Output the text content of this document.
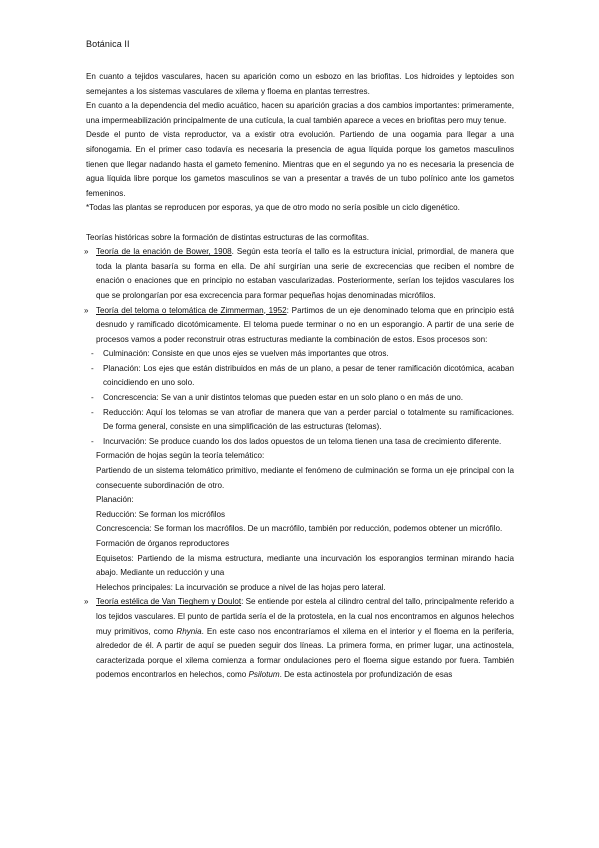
Botánica II

En cuanto a tejidos vasculares, hacen su aparición como un esbozo en las briofitas. Los hidroides y leptoides son semejantes a los sistemas vasculares de xilema y floema en plantas terrestres.

En cuanto a la dependencia del medio acuático, hacen su aparición gracias a dos cambios importantes: primeramente, una impermeabilización principalmente de una cutícula, la cual también aparece a veces en briofitas pero muy tenue.

Desde el punto de vista reproductor, va a existir otra evolución. Partiendo de una oogamia para llegar a una sifonogamia. En el primer caso todavía es necesaria la presencia de agua líquida porque los gametos masculinos tienen que llegar nadando hasta el gameto femenino. Mientras que en el segundo ya no es necesaria la presencia de agua líquida libre porque los gametos masculinos se van a presentar a través de un tubo polínico ante los gametos femeninos.

*Todas las plantas se reproducen por esporas, ya que de otro modo no sería posible un ciclo digenético.

Teorías históricas sobre la formación de distintas estructuras de las cormofitas.

» Teoría de la enación de Bower, 1908. Según esta teoría el tallo es la estructura inicial, primordial, de manera que toda la planta basaría su forma en ella. De ahí surgirían una serie de excrecencias que reciben el nombre de enación o enaciones que en principio no estaban vascularizadas. Posteriormente, serían los tejidos vasculares los que se prolongarían por esa excrecencia para formar pequeñas hojas denominadas micrófilos.
» Teoría del teloma o telomática de Zimmerman, 1952: Partimos de un eje denominado teloma que en principio está desnudo y ramificado dicotómicamente. El teloma puede terminar o no en un esporangio. A partir de una serie de procesos vamos a poder reconstruir otras estructuras mediante la combinación de estos. Esos procesos son:
- Culminación: Consiste en que unos ejes se vuelven más importantes que otros.
- Planación: Los ejes que están distribuidos en más de un plano, a pesar de tener ramificación dicotómica, acaban coincidiendo en uno solo.
- Concrescencia: Se van a unir distintos telomas que pueden estar en un solo plano o en más de uno.
- Reducción: Aquí los telomas se van atrofiar de manera que van a perder parcial o totalmente su ramificaciones. De forma general, consiste en una simplificación de las estructuras (telomas).
- Incurvación: Se produce cuando los dos lados opuestos de un teloma tienen una tasa de crecimiento diferente.
Formación de hojas según la teoría telemático:
Partiendo de un sistema telomático primitivo, mediante el fenómeno de culminación se forma un eje principal con la consecuente subordinación de otro.
Planación:
Reducción: Se forman los micrófilos
Concrescencia: Se forman los macrófilos. De un macrófilo, también por reducción, podemos obtener un micrófilo.
Formación de órganos reproductores
Equisetos: Partiendo de la misma estructura, mediante una incurvación los esporangios terminan mirando hacia abajo. Mediante un reducción y una
Helechos principales: La incurvación se produce a nivel de las hojas pero lateral.
» Teoría estélica de Van Tieghem y Doulot: Se entiende por estela al cilindro central del tallo, principalmente referido a los tejidos vasculares. El punto de partida sería el de la protostela, en la cual nos encontramos en algunos helechos muy primitivos, como Rhynia. En este caso nos encontraríamos el xilema en el interior y el floema en la periferia, alrededor de él. A partir de aquí se pueden seguir dos líneas. La primera forma, en primer lugar, una actinostela, caracterizada porque el xilema comienza a formar ondulaciones pero el floema sigue estando por fuera. También podemos encontrarlos en helechos, como Psilotum. De esta actinostela por profundización de esas
